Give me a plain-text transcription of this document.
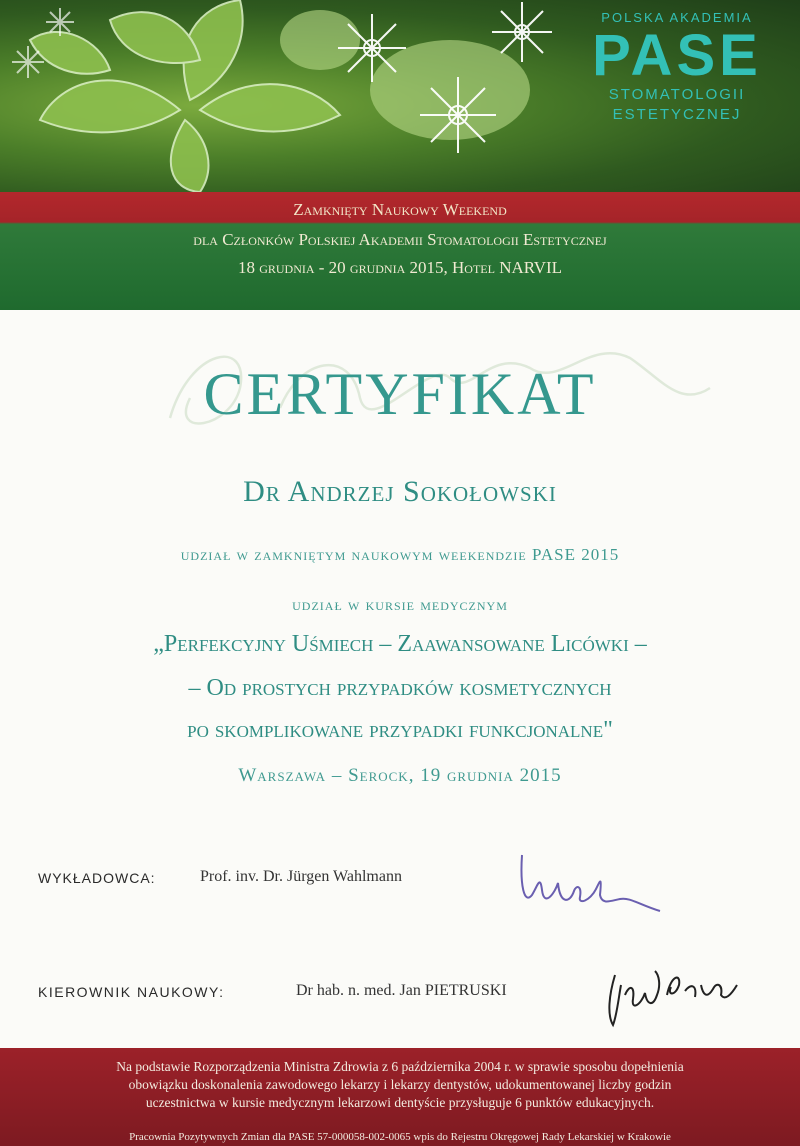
POLSKA AKADEMIA
PASE
STOMATOLOGII
ESTETYCZNEJ
Zamknięty Naukowy Weekend
dla Członków Polskiej Akademii Stomatologii Estetycznej
18 grudnia - 20 grudnia 2015, Hotel NARVIL
CERTYFIKAT
Dr Andrzej Sokołowski
udział w zamkniętym naukowym weekendzie PASE 2015
udział w kursie medycznym
„Perfekcyjny Uśmiech – Zaawansowane Licówki –
– Od prostych przypadków kosmetycznych
po skomplikowane przypadki funkcjonalne"
Warszawa – Serock, 19 grudnia 2015
WYKŁADOWCA:	Prof. inv. Dr. Jürgen Wahlmann
KIEROWNIK NAUKOWY:	Dr hab. n. med. Jan PIETRUSKI
Na podstawie Rozporządzenia Ministra Zdrowia z 6 października 2004 r. w sprawie sposobu dopełnienia
obowiązku doskonalenia zawodowego lekarzy i lekarzy dentystów, udokumentowanej liczby godzin
uczestnictwa w kursie medycznym lekarzowi dentyście przysługuje 6 punktów edukacyjnych.
Pracownia Pozytywnych Zmian dla PASE 57-000058-002-0065 wpis do Rejestru Okręgowej Rady Lekarskiej w Krakowie
